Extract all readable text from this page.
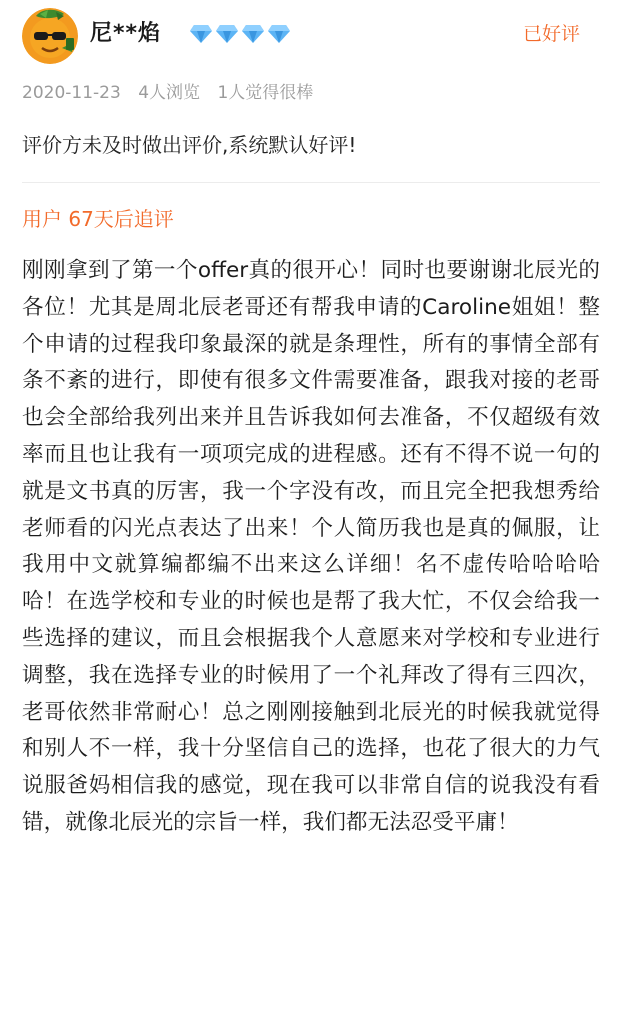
尼**焰	已好评
2020-11-23 4人浏览 1人觉得很棒
评价方未及时做出评价,系统默认好评!
用户 67天后追评
刚刚拿到了第一个offer真的很开心！同时也要谢谢北辰光的各位！尤其是周北辰老哥还有帮我申请的Caroline姐姐！整个申请的过程我印象最深的就是条理性，所有的事情全部有条不紊的进行，即使有很多文件需要准备，跟我对接的老哥也会全部给我列出来并且告诉我如何去准备，不仅超级有效率而且也让我有一项项完成的进程感。还有不得不说一句的就是文书真的厉害，我一个字没有改，而且完全把我想秀给老师看的闪光点表达了出来！个人简历我也是真的佩服，让我用中文就算编都编不出来这么详细！名不虚传哈哈哈哈哈！在选学校和专业的时候也是帮了我大忙，不仅会给我一些选择的建议，而且会根据我个人意愿来对学校和专业进行调整，我在选择专业的时候用了一个礼拜改了得有三四次，老哥依然非常耐心！总之刚刚接触到北辰光的时候我就觉得和别人不一样，我十分坚信自己的选择，也花了很大的力气说服爸妈相信我的感觉，现在我可以非常自信的说我没有看错，就像北辰光的宗旨一样，我们都无法忍受平庸！
